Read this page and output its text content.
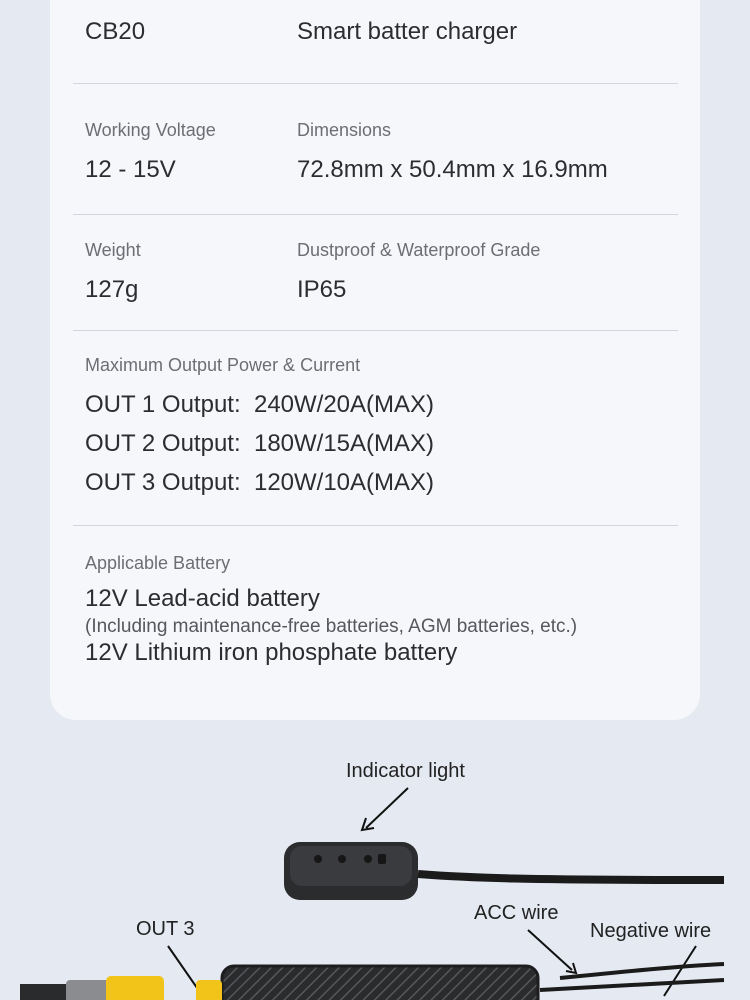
CB20	Smart batter charger
Working Voltage
12 - 15V
Dimensions
72.8mm x 50.4mm x 16.9mm
Weight
127g
Dustproof & Waterproof Grade
IP65
Maximum Output Power & Current
OUT 1 Output: 240W/20A(MAX)
OUT 2 Output: 180W/15A(MAX)
OUT 3 Output: 120W/10A(MAX)
Applicable Battery
12V Lead-acid battery
(Including maintenance-free batteries, AGM batteries, etc.)
12V Lithium iron phosphate battery
Indicator light
ACC wire
Negative wire
OUT 3
